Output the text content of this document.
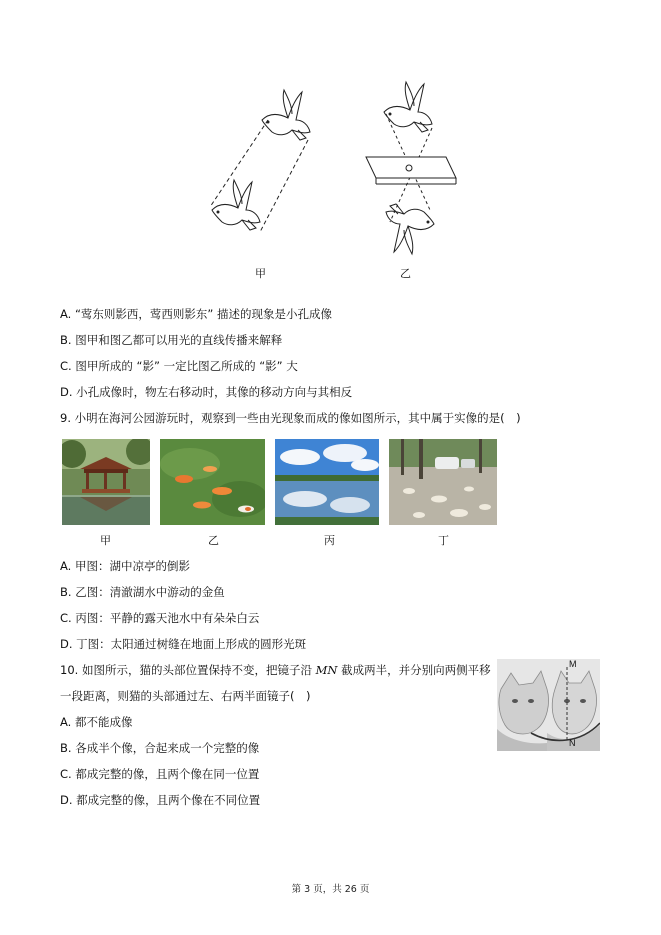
甲	乙
A. “莺东则影西，莺西则影东” 描述的现象是小孔成像
B. 图甲和图乙都可以用光的直线传播来解释
C. 图甲所成的 “影” 一定比图乙所成的 “影” 大
D. 小孔成像时，物左右移动时，其像的移动方向与其相反
9. 小明在海河公园游玩时，观察到一些由光现象而成的像如图所示，其中属于实像的是(　)
甲	乙	丙	丁
A. 甲图：湖中凉亭的倒影
B. 乙图：清澈湖水中游动的金鱼
C. 丙图：平静的露天池水中有朵朵白云
D. 丁图：太阳通过树缝在地面上形成的圆形光斑
10. 如图所示，猫的头部位置保持不变，把镜子沿 MN 截成两半，并分别向两侧平移
一段距离，则猫的头部通过左、右两半面镜子(　)
M
N
A. 都不能成像
B. 各成半个像，合起来成一个完整的像
C. 都成完整的像，且两个像在同一位置
D. 都成完整的像，且两个像在不同位置
第 3 页，共 26 页
